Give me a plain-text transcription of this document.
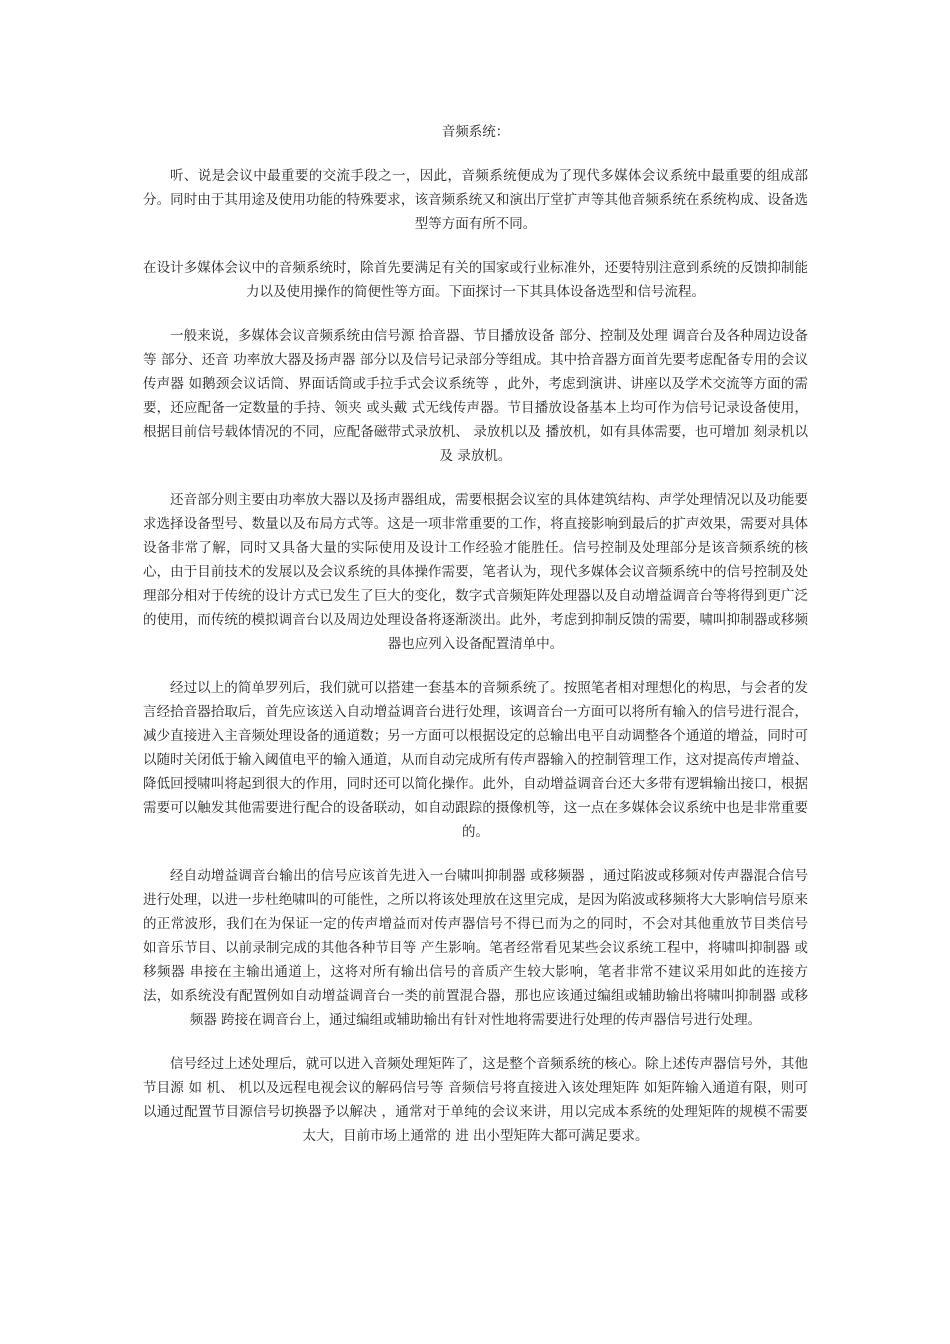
音频系统：

听、说是会议中最重要的交流手段之一，因此，音频系统便成为了现代多媒体会议系统中最重要的组成部分。同时由于其用途及使用功能的特殊要求，该音频系统又和演出厅堂扩声等其他音频系统在系统构成、设备选型等方面有所不同。

在设计多媒体会议中的音频系统时，除首先要满足有关的国家或行业标准外，还要特别注意到系统的反馈抑制能力以及使用操作的简便性等方面。下面探讨一下其具体设备选型和信号流程。

一般来说，多媒体会议音频系统由信号源 拾音器、节目播放设备 部分、控制及处理 调音台及各种周边设备等 部分、还音 功率放大器及扬声器 部分以及信号记录部分等组成。其中拾音器方面首先要考虑配备专用的会议传声器 如鹅颈会议话筒、界面话筒或手拉手式会议系统等 ，此外，考虑到演讲、讲座以及学术交流等方面的需要，还应配备一定数量的手持、领夹 或头戴 式无线传声器。节目播放设备基本上均可作为信号记录设备使用，根据目前信号载体情况的不同，应配备磁带式录放机、 录放机以及 播放机，如有具体需要，也可增加 刻录机以及 录放机。

还音部分则主要由功率放大器以及扬声器组成，需要根据会议室的具体建筑结构、声学处理情况以及功能要求选择设备型号、数量以及布局方式等。这是一项非常重要的工作，将直接影响到最后的扩声效果，需要对具体设备非常了解，同时又具备大量的实际使用及设计工作经验才能胜任。信号控制及处理部分是该音频系统的核心，由于目前技术的发展以及会议系统的具体操作需要，笔者认为，现代多媒体会议音频系统中的信号控制及处理部分相对于传统的设计方式已发生了巨大的变化，数字式音频矩阵处理器以及自动增益调音台等将得到更广泛的使用，而传统的模拟调音台以及周边处理设备将逐渐淡出。此外，考虑到抑制反馈的需要，啸叫抑制器或移频器也应列入设备配置清单中。

经过以上的简单罗列后，我们就可以搭建一套基本的音频系统了。按照笔者相对理想化的构思，与会者的发言经拾音器拾取后，首先应该送入自动增益调音台进行处理，该调音台一方面可以将所有输入的信号进行混合，减少直接进入主音频处理设备的通道数；另一方面可以根据设定的总输出电平自动调整各个通道的增益，同时可以随时关闭低于输入阈值电平的输入通道，从而自动完成所有传声器输入的控制管理工作，这对提高传声增益、降低回授啸叫将起到很大的作用，同时还可以简化操作。此外，自动增益调音台还大多带有逻辑输出接口，根据需要可以触发其他需要进行配合的设备联动，如自动跟踪的摄像机等，这一点在多媒体会议系统中也是非常重要的。

经自动增益调音台输出的信号应该首先进入一台啸叫抑制器 或移频器 ，通过陷波或移频对传声器混合信号进行处理，以进一步杜绝啸叫的可能性，之所以将该处理放在这里完成，是因为陷波或移频将大大影响信号原来的正常波形，我们在为保证一定的传声增益而对传声器信号不得已而为之的同时，不会对其他重放节目类信号 如音乐节目、以前录制完成的其他各种节目等 产生影响。笔者经常看见某些会议系统工程中，将啸叫抑制器 或移频器 串接在主输出通道上，这将对所有输出信号的音质产生较大影响，笔者非常不建议采用如此的连接方法，如系统没有配置例如自动增益调音台一类的前置混合器，那也应该通过编组或辅助输出将啸叫抑制器 或移频器 跨接在调音台上，通过编组或辅助输出有针对性地将需要进行处理的传声器信号进行处理。

信号经过上述处理后，就可以进入音频处理矩阵了，这是整个音频系统的核心。除上述传声器信号外，其他节目源 如 机、 机以及远程电视会议的解码信号等 音频信号将直接进入该处理矩阵 如矩阵输入通道有限，则可以通过配置节目源信号切换器予以解决 ，通常对于单纯的会议来讲，用以完成本系统的处理矩阵的规模不需要太大，目前市场上通常的 进 出小型矩阵大都可满足要求。
